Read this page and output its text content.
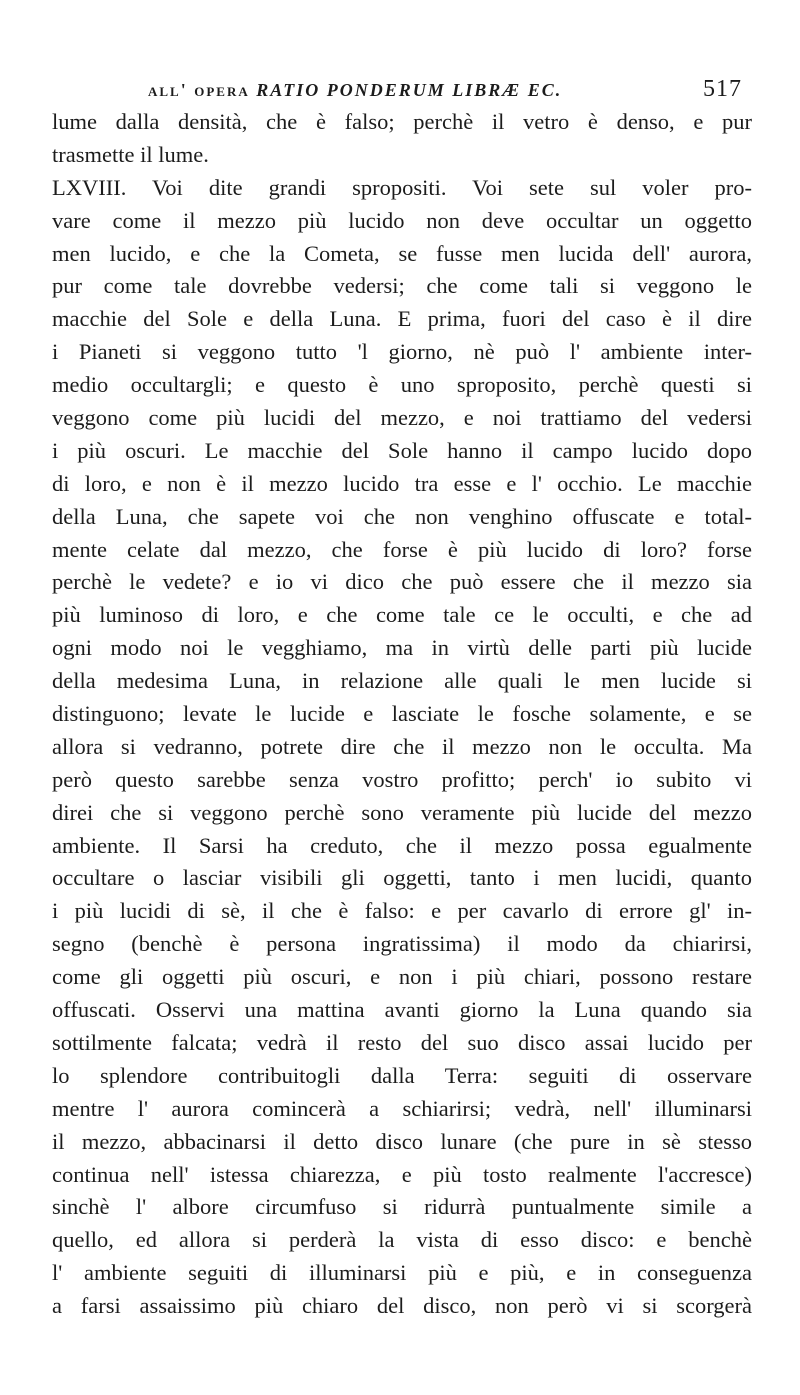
all' opera RATIO PONDERUM LIBRÆ EC.	517
lume dalla densità, che è falso; perchè il vetro è denso, e pur
trasmette il lume.
LXVIII. Voi dite grandi spropositi. Voi sete sul voler pro-
vare come il mezzo più lucido non deve occultar un oggetto
men lucido, e che la Cometa, se fusse men lucida dell' aurora,
pur come tale dovrebbe vedersi; che come tali si veggono le
macchie del Sole e della Luna. E prima, fuori del caso è il dire
i Pianeti si veggono tutto 'l giorno, nè può l' ambiente inter-
medio occultargli; e questo è uno sproposito, perchè questi si
veggono come più lucidi del mezzo, e noi trattiamo del vedersi
i più oscuri. Le macchie del Sole hanno il campo lucido dopo
di loro, e non è il mezzo lucido tra esse e l' occhio. Le macchie
della Luna, che sapete voi che non venghino offuscate e total-
mente celate dal mezzo, che forse è più lucido di loro? forse
perchè le vedete? e io vi dico che può essere che il mezzo sia
più luminoso di loro, e che come tale ce le occulti, e che ad
ogni modo noi le vegghiamo, ma in virtù delle parti più lucide
della medesima Luna, in relazione alle quali le men lucide si
distinguono; levate le lucide e lasciate le fosche solamente, e se
allora si vedranno, potrete dire che il mezzo non le occulta. Ma
però questo sarebbe senza vostro profitto; perch' io subito vi
direi che si veggono perchè sono veramente più lucide del mezzo
ambiente. Il Sarsi ha creduto, che il mezzo possa egualmente
occultare o lasciar visibili gli oggetti, tanto i men lucidi, quanto
i più lucidi di sè, il che è falso: e per cavarlo di errore gl' in-
segno (benchè è persona ingratissima) il modo da chiarirsi,
come gli oggetti più oscuri, e non i più chiari, possono restare
offuscati. Osservi una mattina avanti giorno la Luna quando sia
sottilmente falcata; vedrà il resto del suo disco assai lucido per
lo splendore contribuitogli dalla Terra: seguiti di osservare
mentre l' aurora comincerà a schiarirsi; vedrà, nell' illuminarsi
il mezzo, abbacinarsi il detto disco lunare (che pure in sè stesso
continua nell' istessa chiarezza, e più tosto realmente l'accresce)
sinchè l' albore circumfuso si ridurrà puntualmente simile a
quello, ed allora si perderà la vista di esso disco: e benchè
l' ambiente seguiti di illuminarsi più e più, e in conseguenza
a farsi assaissimo più chiaro del disco, non però vi si scorgerà
